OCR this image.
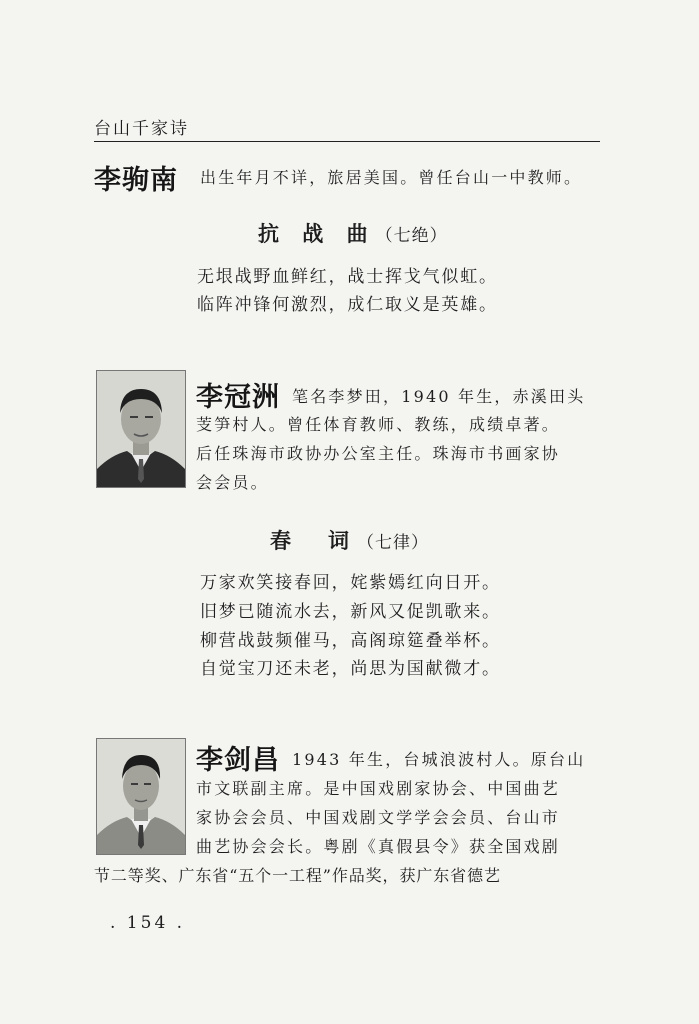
台山千家诗
李驹南 出生年月不详，旅居美国。曾任台山一中教师。
抗 战 曲（七绝）
无垠战野血鲜红，战士挥戈气似虹。
临阵冲锋何激烈，成仁取义是英雄。
李冠洲 笔名李梦田，1940 年生，赤溪田头
芰笋村人。曾任体育教师、教练，成绩卓著。
后任珠海市政协办公室主任。珠海市书画家协
会会员。
春　词（七律）
万家欢笑接春回，姹紫嫣红向日开。
旧梦已随流水去，新风又促凯歌来。
柳营战鼓频催马，高阁琼筵叠举杯。
自觉宝刀还未老，尚思为国献微才。
李剑昌 1943 年生，台城浪波村人。原台山
市文联副主席。是中国戏剧家协会、中国曲艺
家协会会员、中国戏剧文学学会会员、台山市
曲艺协会会长。粤剧《真假县令》获全国戏剧
节二等奖、广东省“五个一工程”作品奖，获广东省德艺
. 154 .
